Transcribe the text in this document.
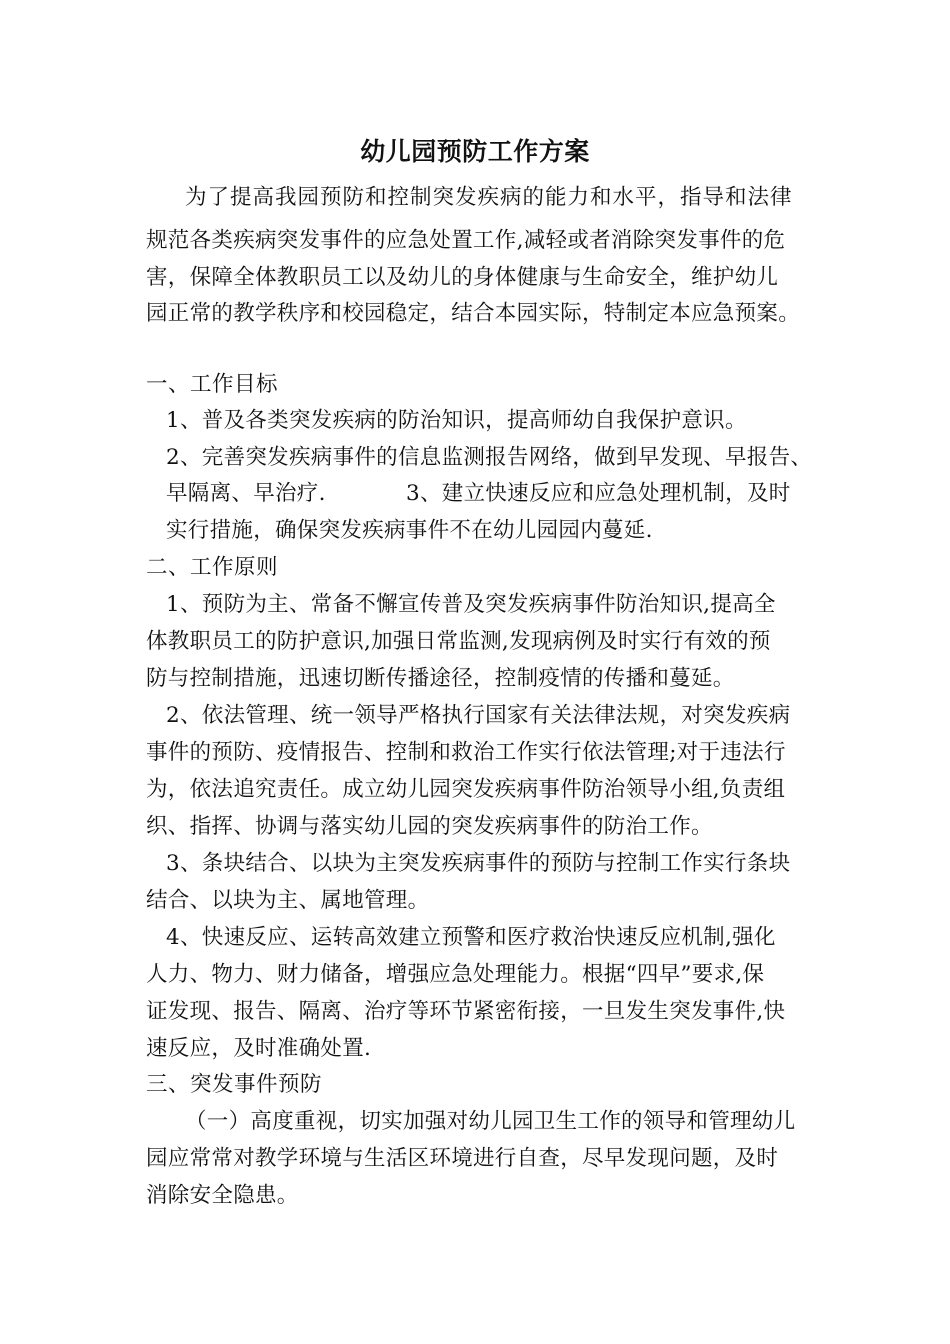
幼儿园预防工作方案
为了提高我园预防和控制突发疾病的能力和水平，指导和法律
规范各类疾病突发事件的应急处置工作,减轻或者消除突发事件的危
害，保障全体教职员工以及幼儿的身体健康与生命安全，维护幼儿
园正常的教学秩序和校园稳定，结合本园实际，特制定本应急预案。
一、工作目标
1、普及各类突发疾病的防治知识，提高师幼自我保护意识。
2、完善突发疾病事件的信息监测报告网络，做到早发现、早报告、
早隔离、早治疗.	3、建立快速反应和应急处理机制，及时
实行措施，确保突发疾病事件不在幼儿园园内蔓延.
二、工作原则
1、预防为主、常备不懈宣传普及突发疾病事件防治知识,提高全
体教职员工的防护意识,加强日常监测,发现病例及时实行有效的预
防与控制措施，迅速切断传播途径，控制疫情的传播和蔓延。
2、依法管理、统一领导严格执行国家有关法律法规，对突发疾病
事件的预防、疫情报告、控制和救治工作实行依法管理;对于违法行
为，依法追究责任。成立幼儿园突发疾病事件防治领导小组,负责组
织、指挥、协调与落实幼儿园的突发疾病事件的防治工作。
3、条块结合、以块为主突发疾病事件的预防与控制工作实行条块
结合、以块为主、属地管理。
4、快速反应、运转高效建立预警和医疗救治快速反应机制,强化
人力、物力、财力储备，增强应急处理能力。根据“四早”要求,保
证发现、报告、隔离、治疗等环节紧密衔接，一旦发生突发事件,快
速反应，及时准确处置.
三、突发事件预防
（一）高度重视，切实加强对幼儿园卫生工作的领导和管理幼儿
园应常常对教学环境与生活区环境进行自查，尽早发现问题，及时
消除安全隐患。
